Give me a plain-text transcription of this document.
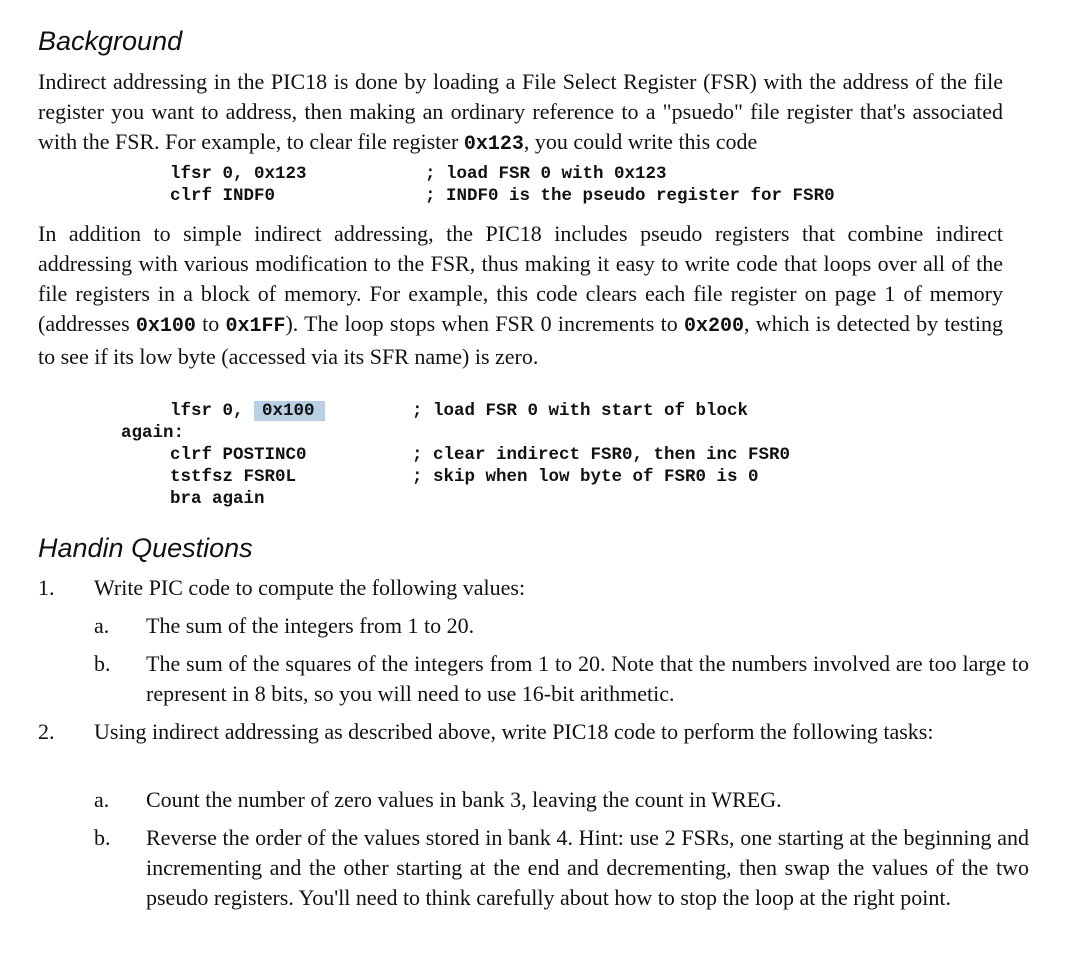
Background
Indirect addressing in the PIC18 is done by loading a File Select Register (FSR) with the address of the file register you want to address, then making an ordinary reference to a "psuedo" file register that's associated with the FSR. For example, to clear file register 0x123, you could write this code
lfsr 0, 0x123	; load FSR 0 with 0x123
clrf INDF0	; INDF0 is the pseudo register for FSR0
In addition to simple indirect addressing, the PIC18 includes pseudo registers that combine indirect addressing with various modification to the FSR, thus making it easy to write code that loops over all of the file registers in a block of memory. For example, this code clears each file register on page 1 of memory (addresses 0x100 to 0x1FF). The loop stops when FSR 0 increments to 0x200, which is detected by testing to see if its low byte (accessed via its SFR name) is zero.
lfsr 0, 0x100	; load FSR 0 with start of block
again:
clrf POSTINC0	; clear indirect FSR0, then inc FSR0
tstfsz FSR0L	; skip when low byte of FSR0 is 0
bra again
Handin Questions
1. Write PIC code to compute the following values:
a. The sum of the integers from 1 to 20.
b. The sum of the squares of the integers from 1 to 20. Note that the numbers involved are too large to represent in 8 bits, so you will need to use 16-bit arithmetic.
2. Using indirect addressing as described above, write PIC18 code to perform the following tasks:
a. Count the number of zero values in bank 3, leaving the count in WREG.
b. Reverse the order of the values stored in bank 4. Hint: use 2 FSRs, one starting at the beginning and incrementing and the other starting at the end and decrementing, then swap the values of the two pseudo registers. You'll need to think carefully about how to stop the loop at the right point.
